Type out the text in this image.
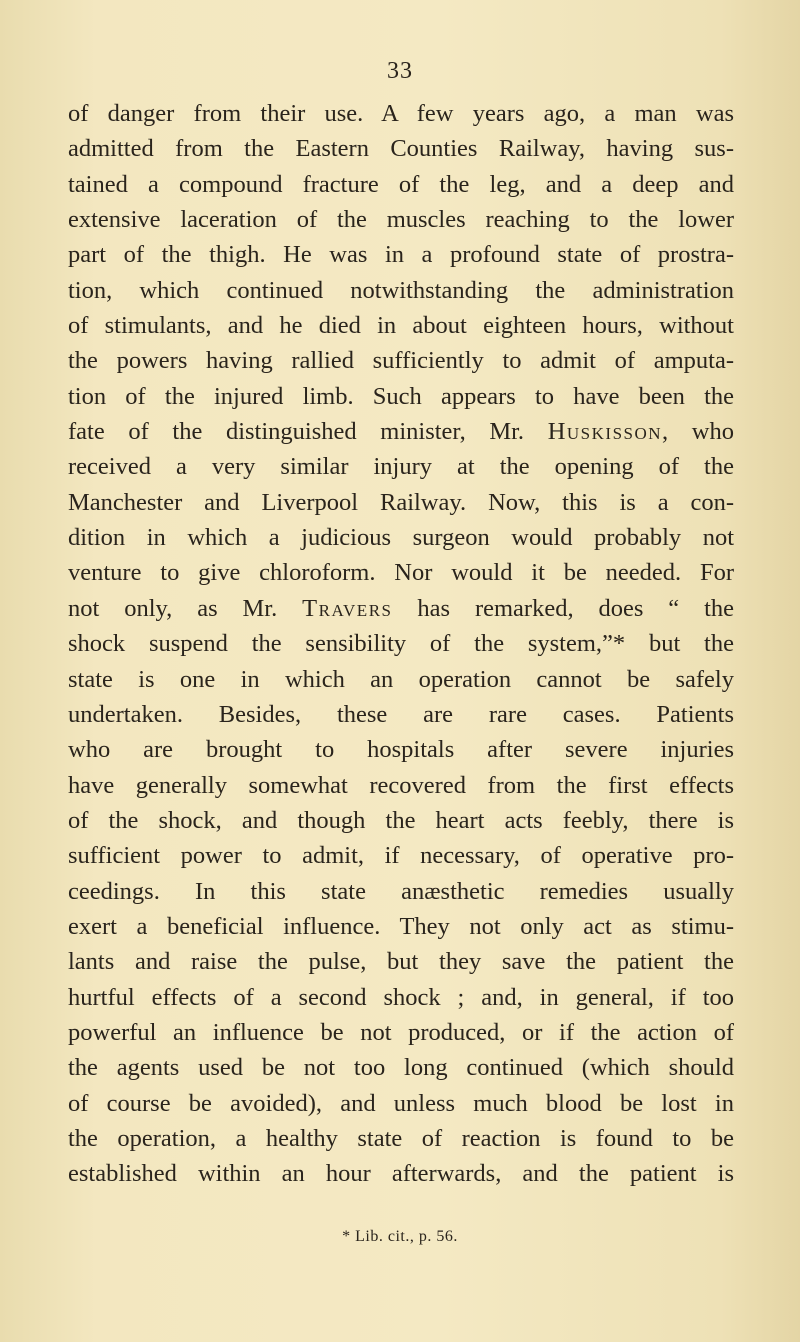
33
of danger from their use. A few years ago, a man was
admitted from the Eastern Counties Railway, having sus-
tained a compound fracture of the leg, and a deep and
extensive laceration of the muscles reaching to the lower
part of the thigh. He was in a profound state of prostra-
tion, which continued notwithstanding the administration
of stimulants, and he died in about eighteen hours, without
the powers having rallied sufficiently to admit of amputa-
tion of the injured limb. Such appears to have been the
fate of the distinguished minister, Mr. Huskisson, who
received a very similar injury at the opening of the
Manchester and Liverpool Railway. Now, this is a con-
dition in which a judicious surgeon would probably not
venture to give chloroform. Nor would it be needed. For
not only, as Mr. Travers has remarked, does “ the
shock suspend the sensibility of the system,”* but the
state is one in which an operation cannot be safely
undertaken. Besides, these are rare cases. Patients
who are brought to hospitals after severe injuries
have generally somewhat recovered from the first effects
of the shock, and though the heart acts feebly, there is
sufficient power to admit, if necessary, of operative pro-
ceedings. In this state anæsthetic remedies usually
exert a beneficial influence. They not only act as stimu-
lants and raise the pulse, but they save the patient the
hurtful effects of a second shock ; and, in general, if too
powerful an influence be not produced, or if the action of
the agents used be not too long continued (which should
of course be avoided), and unless much blood be lost in
the operation, a healthy state of reaction is found to be
established within an hour afterwards, and the patient is
* Lib. cit., p. 56.
